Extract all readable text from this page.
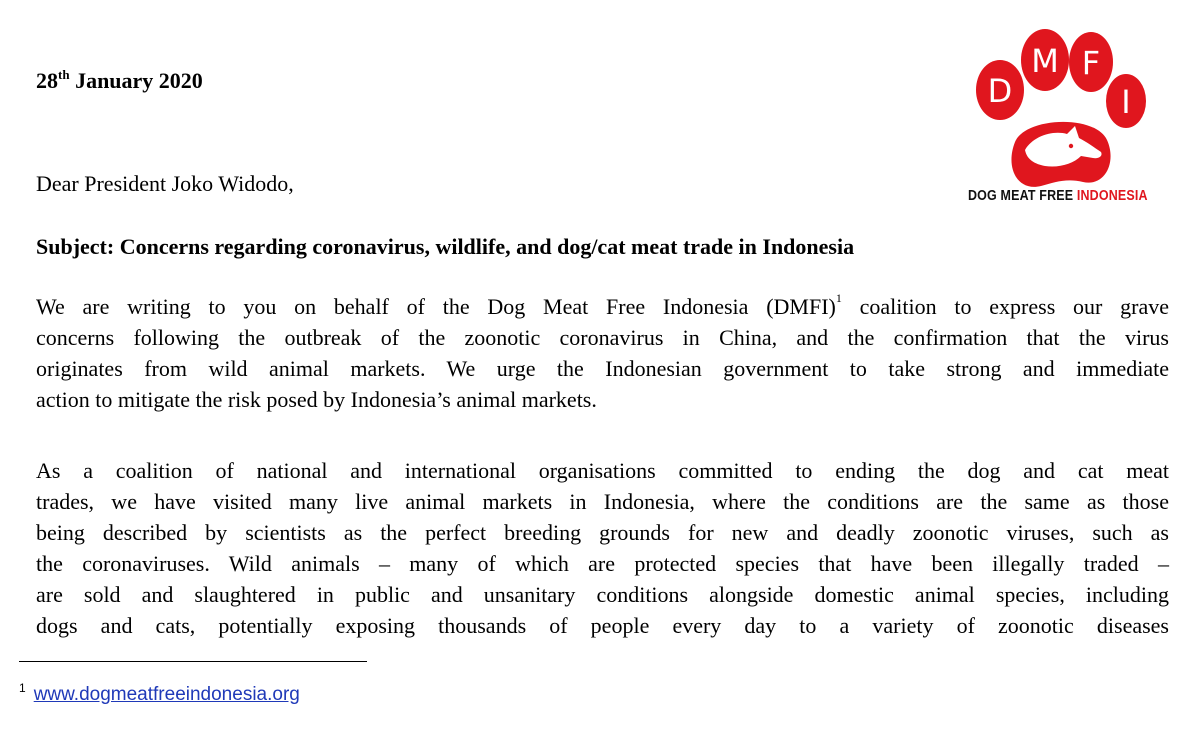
28th January 2020	D
M F
I
DOG MEAT FREE INDONESIA
Dear President Joko Widodo,
Subject: Concerns regarding coronavirus, wildlife, and dog/cat meat trade in Indonesia
We are writing to you on behalf of the Dog Meat Free Indonesia (DMFI)$^1$ coalition to express our grave
concerns following the outbreak of the zoonotic coronavirus in China, and the confirmation that the virus
originates from wild animal markets. We urge the Indonesian government to take strong and immediate
action to mitigate the risk posed by Indonesia’s animal markets.
As a coalition of national and international organisations committed to ending the dog and cat meat
trades, we have visited many live animal markets in Indonesia, where the conditions are the same as those
being described by scientists as the perfect breeding grounds for new and deadly zoonotic viruses, such as
the coronaviruses. Wild animals – many of which are protected species that have been illegally traded –
are sold and slaughtered in public and unsanitary conditions alongside domestic animal species, including
dogs and cats, potentially exposing thousands of people every day to a variety of zoonotic diseases
$^1$ www.dogmeatfreeindonesia.org
